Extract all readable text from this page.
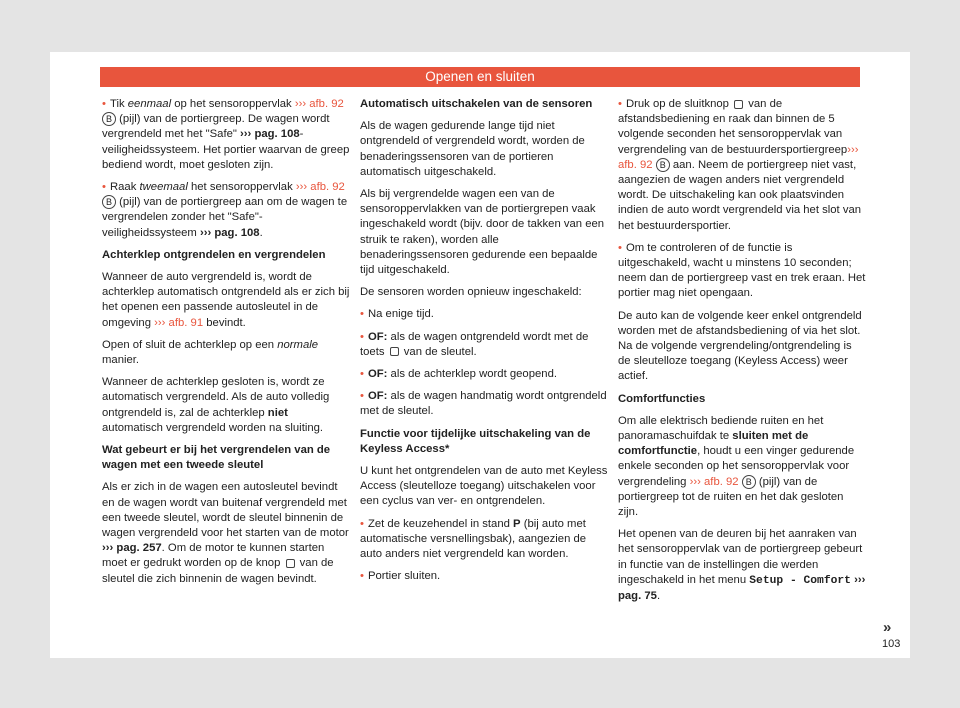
Openen en sluiten

• Tik eenmaal op het sensoroppervlak ››› afb. 92 B (pijl) van de portiergreep. De wagen wordt vergrendeld met het "Safe" ››› pag. 108-veiligheidssysteem. Het portier waarvan de greep bediend wordt, moet gesloten zijn.

• Raak tweemaal het sensoroppervlak ››› afb. 92 B (pijl) van de portiergreep aan om de wagen te vergrendelen zonder het "Safe"-veiligheidssysteem ››› pag. 108.

Achterklep ontgrendelen en vergrendelen

Wanneer de auto vergrendeld is, wordt de achterklep automatisch ontgrendeld als er zich bij het openen een passende autosleutel in de omgeving ››› afb. 91 bevindt.

Open of sluit de achterklep op een normale manier.

Wanneer de achterklep gesloten is, wordt ze automatisch vergrendeld. Als de auto volledig ontgrendeld is, zal de achterklep niet automatisch vergrendeld worden na sluiting.

Wat gebeurt er bij het vergrendelen van de wagen met een tweede sleutel

Als er zich in de wagen een autosleutel bevindt en de wagen wordt van buitenaf vergrendeld met een tweede sleutel, wordt de sleutel binnenin de wagen vergrendeld voor het starten van de motor ››› pag. 257. Om de motor te kunnen starten moet er gedrukt worden op de knop  van de sleutel die zich binnenin de wagen bevindt.

Automatisch uitschakelen van de sensoren

Als de wagen gedurende lange tijd niet ontgrendeld of vergrendeld wordt, worden de benaderingssensoren van de portieren automatisch uitgeschakeld.

Als bij vergrendelde wagen een van de sensoroppervlakken van de portiergrepen vaak ingeschakeld wordt (bijv. door de takken van een struik te raken), worden alle benaderingssensoren gedurende een bepaalde tijd uitgeschakeld.

De sensoren worden opnieuw ingeschakeld:

• Na enige tijd.

• OF: als de wagen ontgrendeld wordt met de toets  van de sleutel.

• OF: als de achterklep wordt geopend.

• OF: als de wagen handmatig wordt ontgrendeld met de sleutel.

Functie voor tijdelijke uitschakeling van de Keyless Access*

U kunt het ontgrendelen van de auto met Keyless Access (sleutelloze toegang) uitschakelen voor een cyclus van ver- en ontgrendelen.

• Zet de keuzehendel in stand P (bij auto met automatische versnellingsbak), aangezien de auto anders niet vergrendeld kan worden.

• Portier sluiten.

• Druk op de sluitknop  van de afstandsbediening en raak dan binnen de 5 volgende seconden het sensoroppervlak van vergrendeling van de bestuurdersportiergreep››› afb. 92 B aan. Neem de portiergreep niet vast, aangezien de wagen anders niet vergrendeld wordt. De uitschakeling kan ook plaatsvinden indien de auto wordt vergrendeld via het slot van het bestuurdersportier.

• Om te controleren of de functie is uitgeschakeld, wacht u minstens 10 seconden; neem dan de portiergreep vast en trek eraan. Het portier mag niet opengaan.

De auto kan de volgende keer enkel ontgrendeld worden met de afstandsbediening of via het slot. Na de volgende vergrendeling/ontgrendeling is de sleutelloze toegang (Keyless Access) weer actief.

Comfortfuncties

Om alle elektrisch bediende ruiten en het panoramaschuifdak te sluiten met de comfortfunctie, houdt u een vinger gedurende enkele seconden op het sensoroppervlak voor vergrendeling ››› afb. 92 B (pijl) van de portiergreep tot de ruiten en het dak gesloten zijn.

Het openen van de deuren bij het aanraken van het sensoroppervlak van de portiergreep gebeurt in functie van de instellingen die werden ingeschakeld in het menu Setup - Comfort ››› pag. 75.

»
103
